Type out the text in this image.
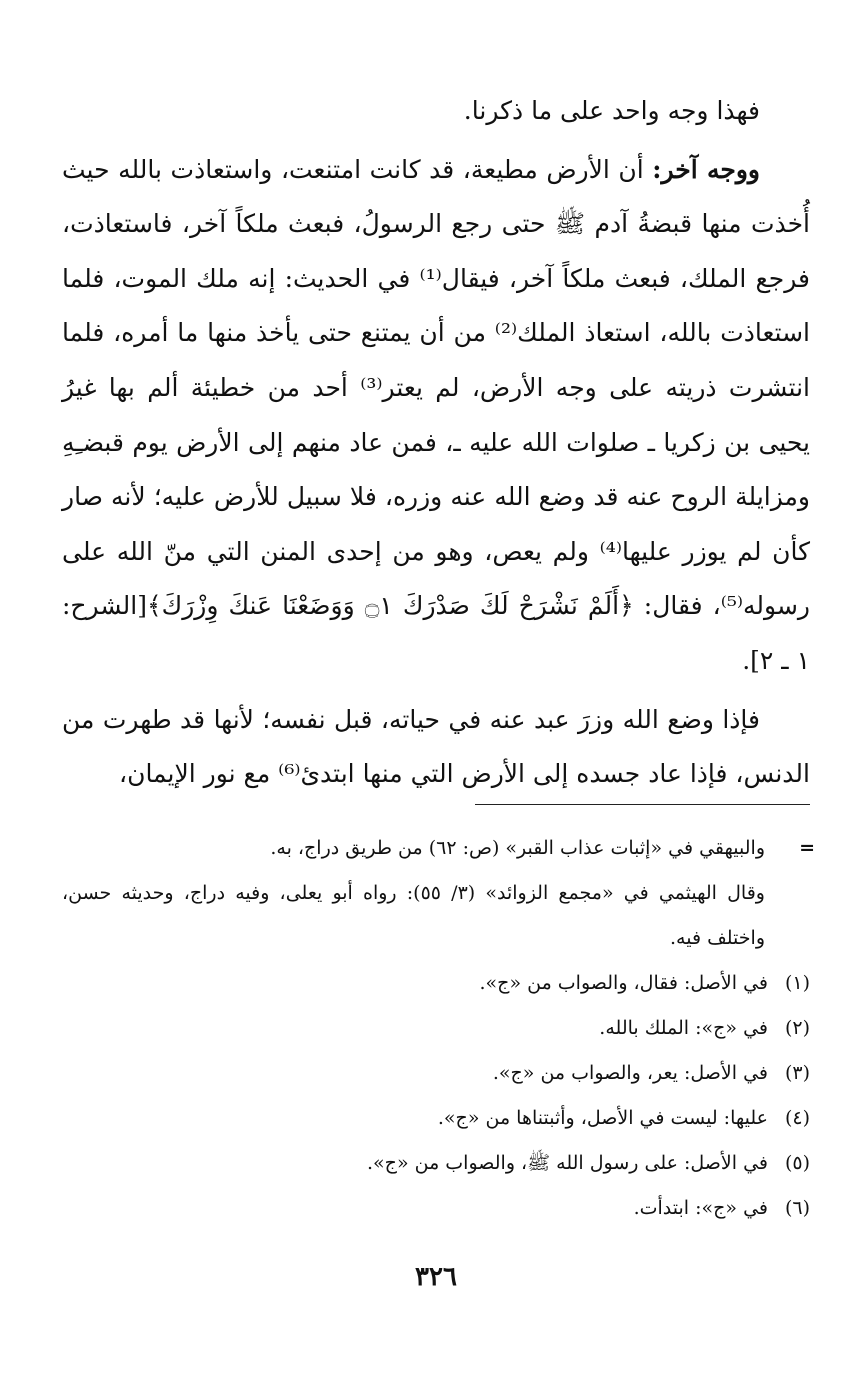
فهذا وجه واحد على ما ذكرنا.

ووجه آخر: أن الأرض مطيعة، قد كانت امتنعت، واستعاذت بالله حيث أُخذت منها قبضةُ آدم ﷺ حتى رجع الرسولُ، فبعث ملكاً آخر، فاستعاذت، فرجع الملك، فبعث ملكاً آخر، فيقال⁽¹⁾ في الحديث: إنه ملك الموت، فلما استعاذت بالله، استعاذ الملك⁽²⁾ من أن يمتنع حتى يأخذ منها ما أمره، فلما انتشرت ذريته على وجه الأرض، لم يعتر⁽³⁾ أحد من خطيئة ألم بها غيرُ يحيى بن زكريا ـ صلوات الله عليه ـ، فمن عاد منهم إلى الأرض يوم قبضـِهِ ومزايلة الروح عنه قد وضع الله عنه وزره، فلا سبيل للأرض عليه؛ لأنه صار كأن لم يوزر عليها⁽⁴⁾ ولم يعص، وهو من إحدى المنن التي منّ الله على رسوله⁽⁵⁾، فقال: ﴿أَلَمْ نَشْرَحْ لَكَ صَدْرَكَ ۝١ وَوَضَعْنَا عَنكَ وِزْرَكَ﴾[الشرح: ١ ـ ٢].

فإذا وضع الله وزرَ عبد عنه في حياته، قبل نفسه؛ لأنها قد طهرت من الدنس، فإذا عاد جسده إلى الأرض التي منها ابتدئ⁽⁶⁾ مع نور الإيمان،

=
والبيهقي في «إثبات عذاب القبر» (ص: ٦٢) من طريق دراج، به.

وقال الهيثمي في «مجمع الزوائد» (٣/ ٥٥): رواه أبو يعلى، وفيه دراج، وحديثه حسن، واختلف فيه.

(١)
في الأصل: فقال، والصواب من «ج».

(٢)
في «ج»: الملك بالله.

(٣)
في الأصل: يعر، والصواب من «ج».

(٤)
عليها: ليست في الأصل، وأثبتناها من «ج».

(٥)
في الأصل: على رسول الله ﷺ، والصواب من «ج».

(٦)
في «ج»: ابتدأت.

٣٢٦
